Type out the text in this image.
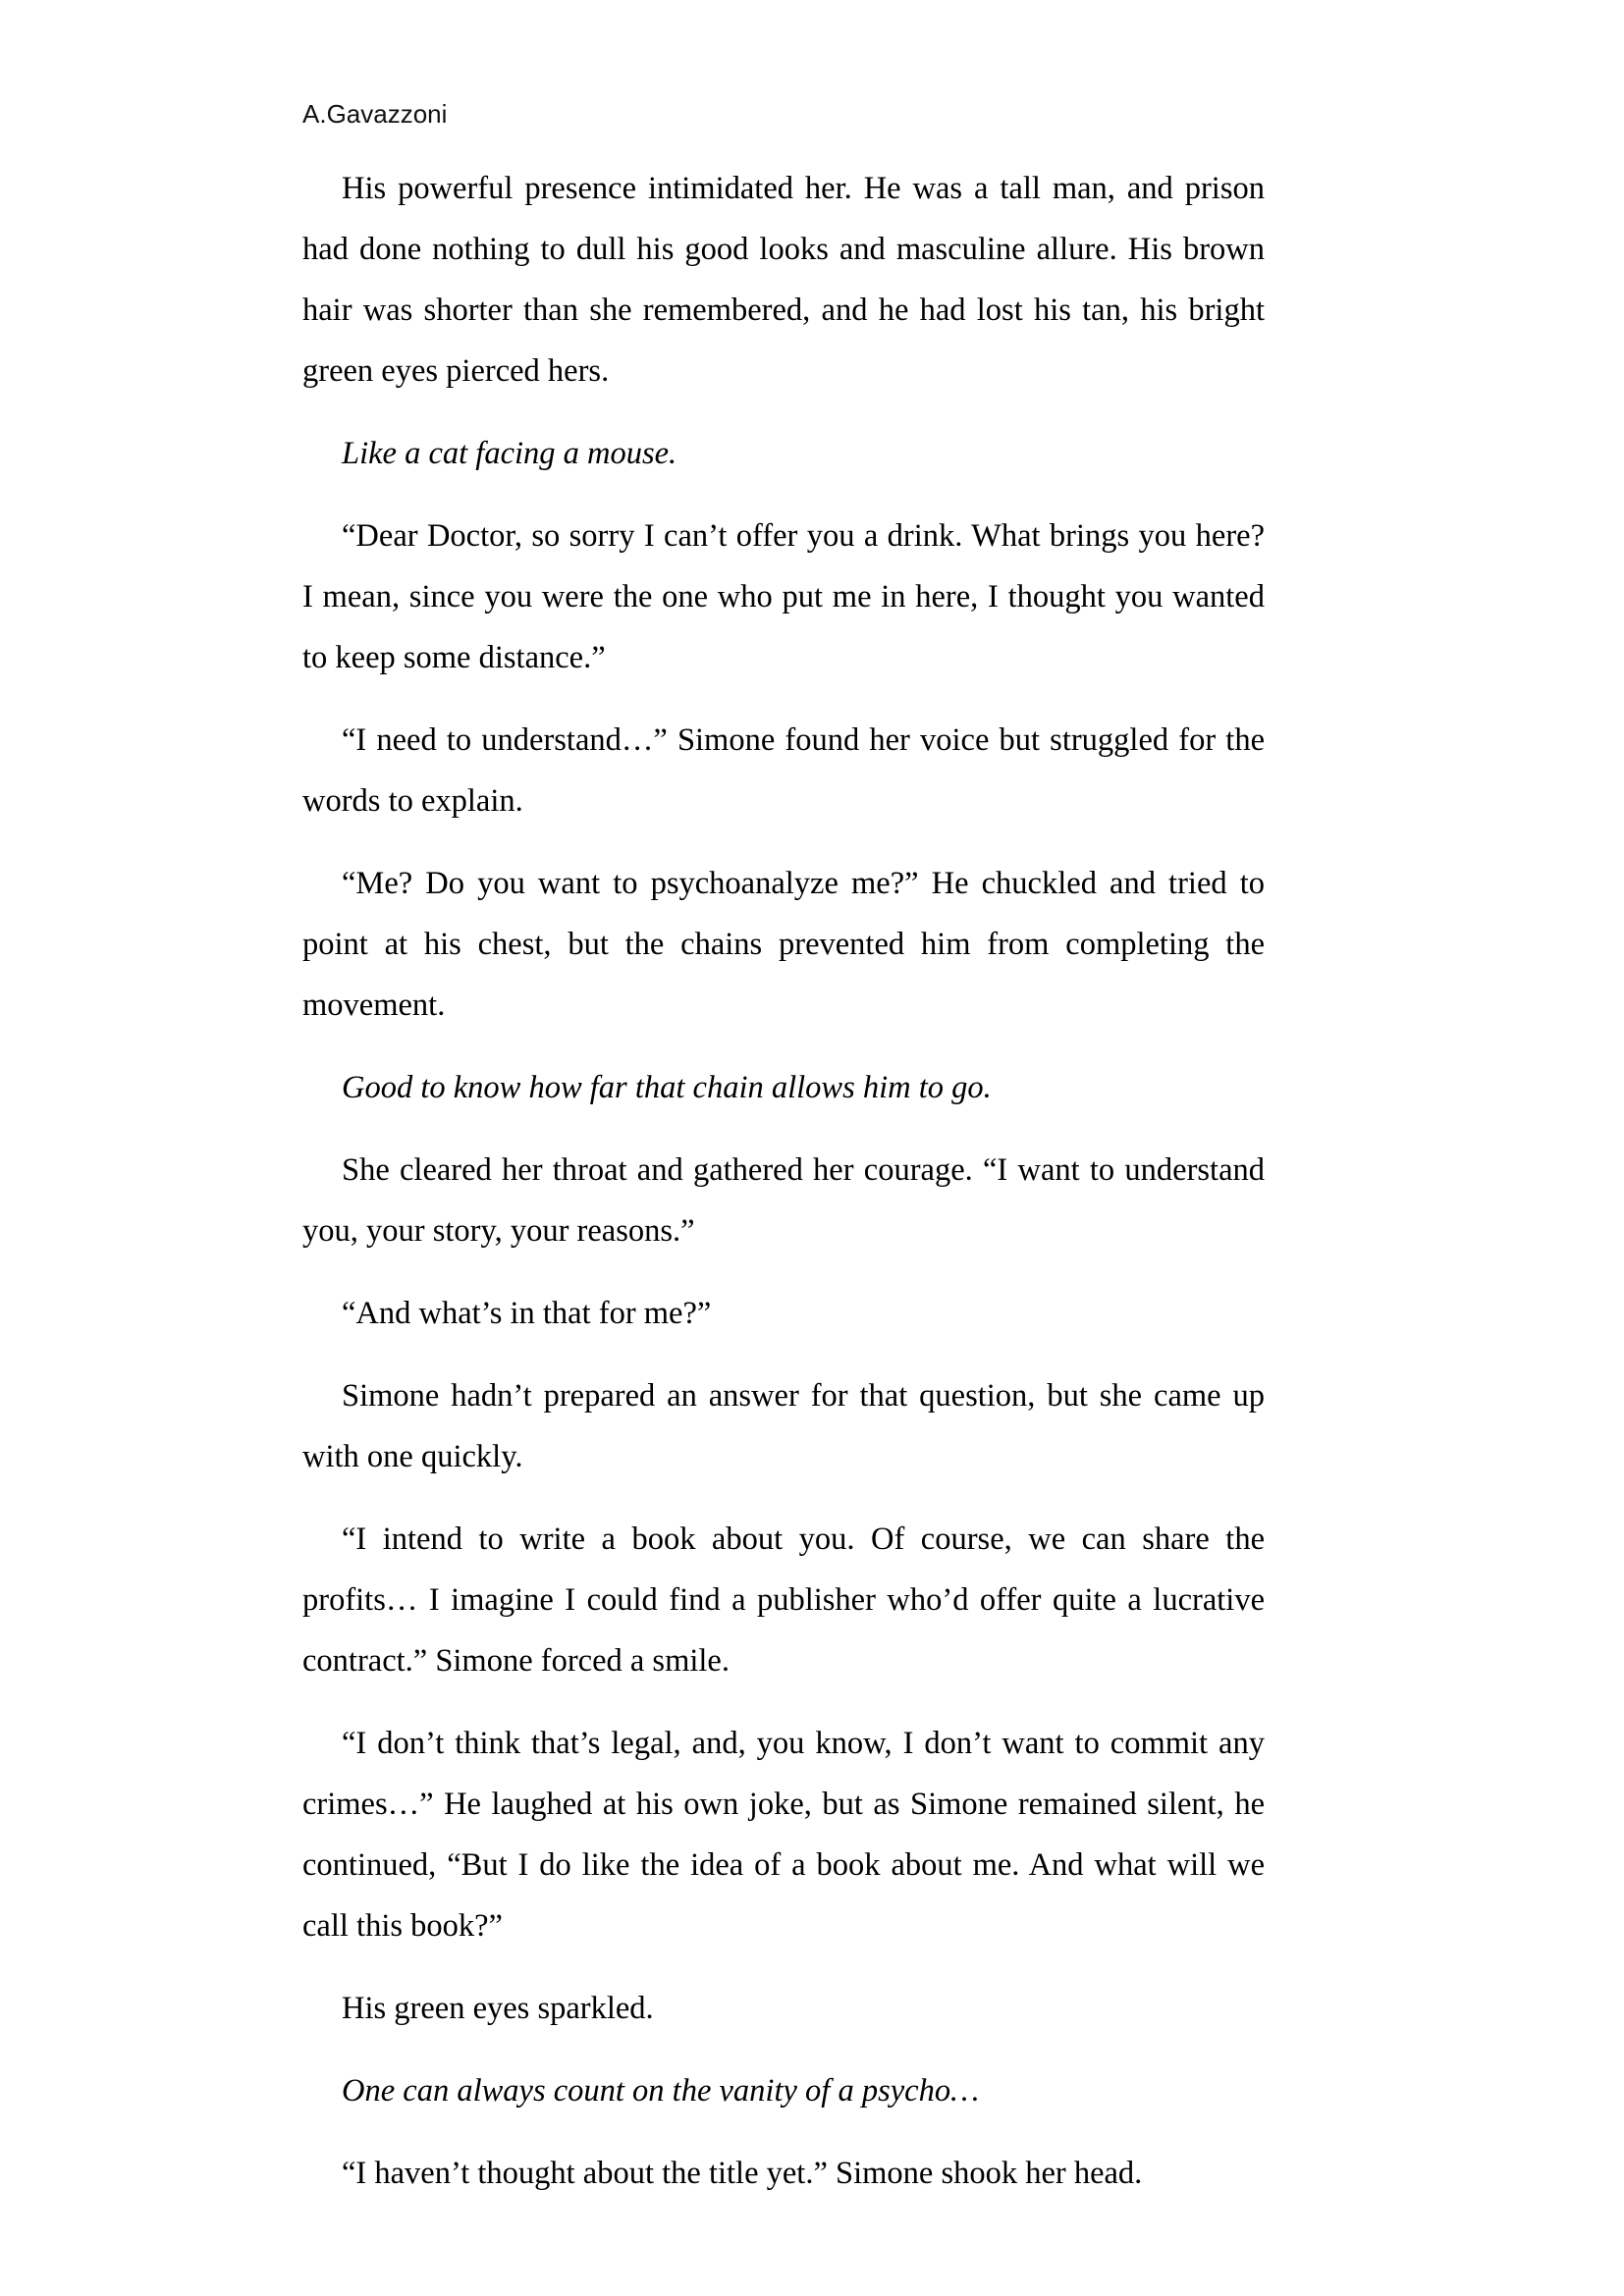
A.Gavazzoni

His powerful presence intimidated her. He was a tall man, and prison had done nothing to dull his good looks and masculine allure. His brown hair was shorter than she remembered, and he had lost his tan, his bright green eyes pierced hers.

Like a cat facing a mouse.

“Dear Doctor, so sorry I can’t offer you a drink. What brings you here? I mean, since you were the one who put me in here, I thought you wanted to keep some distance.”

“I need to understand…” Simone found her voice but struggled for the words to explain.

“Me? Do you want to psychoanalyze me?” He chuckled and tried to point at his chest, but the chains prevented him from completing the movement.

Good to know how far that chain allows him to go.

She cleared her throat and gathered her courage. “I want to understand you, your story, your reasons.”

“And what’s in that for me?”

Simone hadn’t prepared an answer for that question, but she came up with one quickly.

“I intend to write a book about you. Of course, we can share the profits… I imagine I could find a publisher who’d offer quite a lucrative contract.” Simone forced a smile.

“I don’t think that’s legal, and, you know, I don’t want to commit any crimes…” He laughed at his own joke, but as Simone remained silent, he continued, “But I do like the idea of a book about me. And what will we call this book?”

His green eyes sparkled.

One can always count on the vanity of a psycho…

“I haven’t thought about the title yet.” Simone shook her head.
